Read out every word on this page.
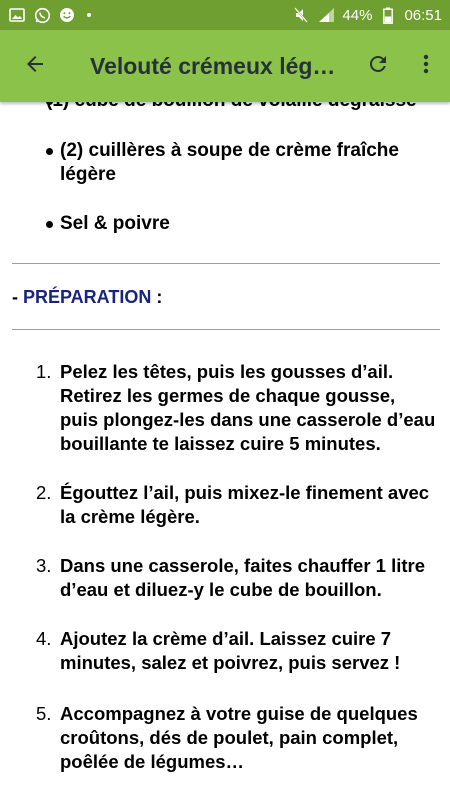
44% 06:51
Velouté crémeux lég…
(2) cuillères à soupe de crème fraîche légère
Sel & poivre
- PRÉPARATION :
1. Pelez les têtes, puis les gousses d’ail. Retirez les germes de chaque gousse, puis plongez-les dans une casserole d’eau bouillante te laissez cuire 5 minutes.
2. Égouttez l’ail, puis mixez-le finement avec la crème légère.
3. Dans une casserole, faites chauffer 1 litre d’eau et diluez-y le cube de bouillon.
4. Ajoutez la crème d’ail. Laissez cuire 7 minutes, salez et poivrez, puis servez !
5. Accompagnez à votre guise de quelques croûtons, dés de poulet, pain complet, poêlée de légumes…
